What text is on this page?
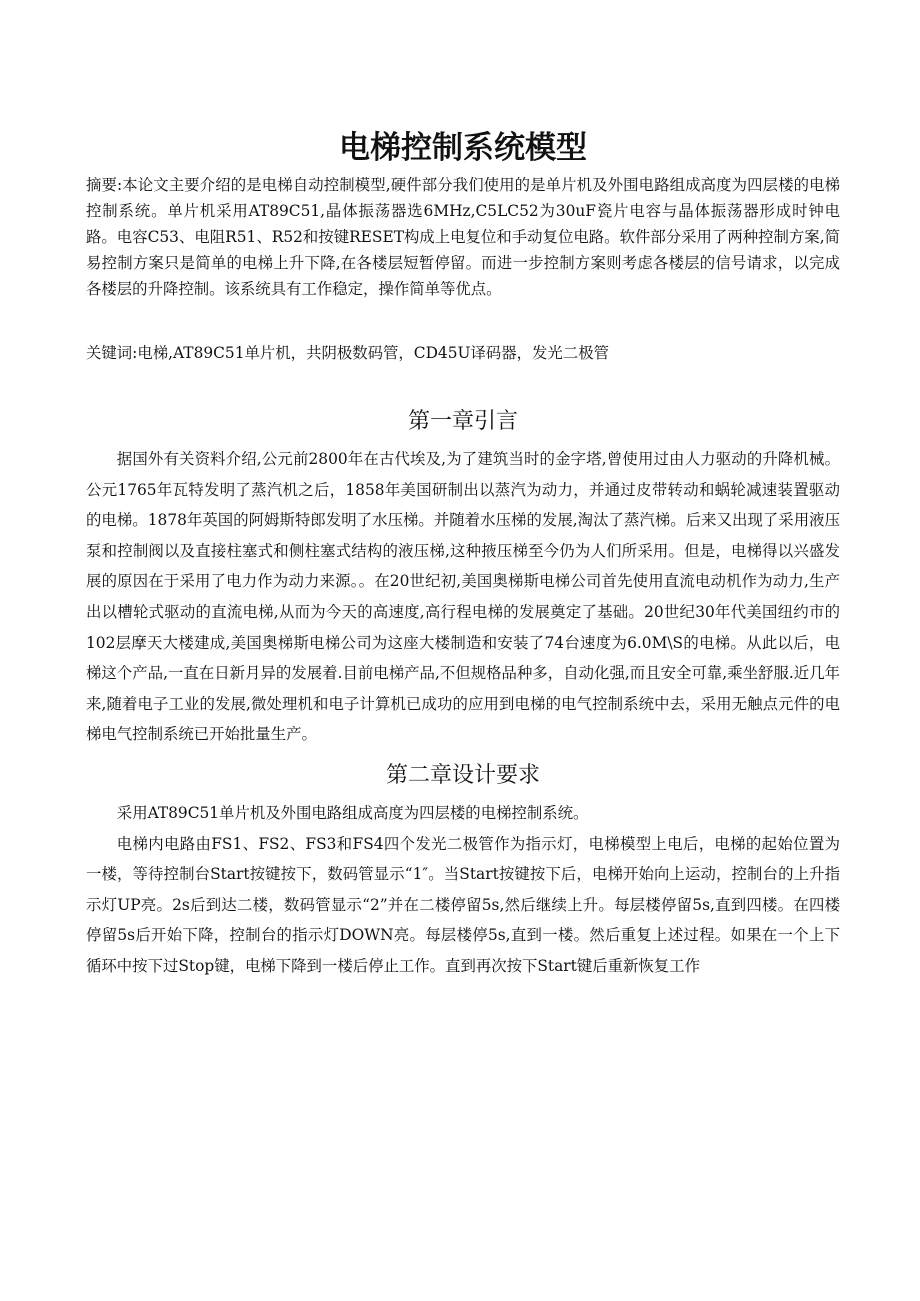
电梯控制系统模型

摘要:本论文主要介绍的是电梯自动控制模型,硬件部分我们使用的是单片机及外围电路组成高度为四层楼的电梯控制系统。单片机采用AT89C51,晶体振荡器选6MHz,C5LC52为30uF瓷片电容与晶体振荡器形成时钟电路。电容C53、电阻R51、R52和按键RESET构成上电复位和手动复位电路。软件部分采用了两种控制方案,简易控制方案只是简单的电梯上升下降,在各楼层短暂停留。而进一步控制方案则考虑各楼层的信号请求，以完成各楼层的升降控制。该系统具有工作稳定，操作简单等优点。

关键词:电梯,AT89C51单片机，共阴极数码管，CD45U译码器，发光二极管

第一章引言

据国外有关资料介绍,公元前2800年在古代埃及,为了建筑当时的金字塔,曾使用过由人力驱动的升降机械。公元1765年瓦特发明了蒸汽机之后，1858年美国研制出以蒸汽为动力，并通过皮带转动和蜗轮减速装置驱动的电梯。1878年英国的阿姆斯特郎发明了水压梯。并随着水压梯的发展,淘汰了蒸汽梯。后来又出现了采用液压泵和控制阀以及直接柱塞式和侧柱塞式结构的液压梯,这种掖压梯至今仍为人们所采用。但是，电梯得以兴盛发展的原因在于采用了电力作为动力来源。。在20世纪初,美国奥梯斯电梯公司首先使用直流电动机作为动力,生产出以槽轮式驱动的直流电梯,从而为今天的高速度,高行程电梯的发展奠定了基础。20世纪30年代美国纽约市的102层摩天大楼建成,美国奥梯斯电梯公司为这座大楼制造和安装了74台速度为6.0M\S的电梯。从此以后，电梯这个产品,一直在日新月异的发展着.目前电梯产品,不但规格品种多，自动化强,而且安全可靠,乘坐舒服.近几年来,随着电子工业的发展,微处理机和电子计算机已成功的应用到电梯的电气控制系统中去，采用无触点元件的电梯电气控制系统已开始批量生产。

第二章设计要求

采用AT89C51单片机及外围电路组成高度为四层楼的电梯控制系统。

电梯内电路由FS1、FS2、FS3和FS4四个发光二极管作为指示灯，电梯模型上电后，电梯的起始位置为一楼，等待控制台Start按键按下，数码管显示“1″。当Start按键按下后，电梯开始向上运动，控制台的上升指示灯UP亮。2s后到达二楼，数码管显示“2”并在二楼停留5s,然后继续上升。每层楼停留5s,直到四楼。在四楼停留5s后开始下降，控制台的指示灯DOWN亮。每层楼停5s,直到一楼。然后重复上述过程。如果在一个上下循环中按下过Stop键，电梯下降到一楼后停止工作。直到再次按下Start键后重新恢复工作
